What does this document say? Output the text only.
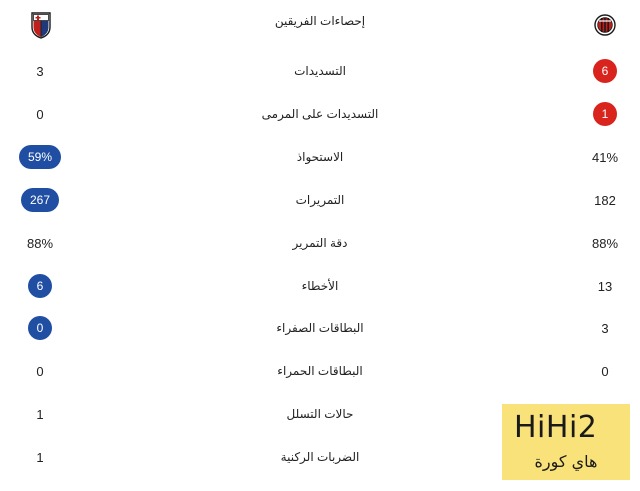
إحصاءات الفريقين
3	التسديدات	6
0	التسديدات على المرمى	1
59%	الاستحواذ	41%
267	التمريرات	182
88%	دقة التمرير	88%
6	الأخطاء	13
0	البطاقات الصفراء	3
0	البطاقات الحمراء	0
1	حالات التسلل
1	الضربات الركنية
HiHi2
هاي كورة
